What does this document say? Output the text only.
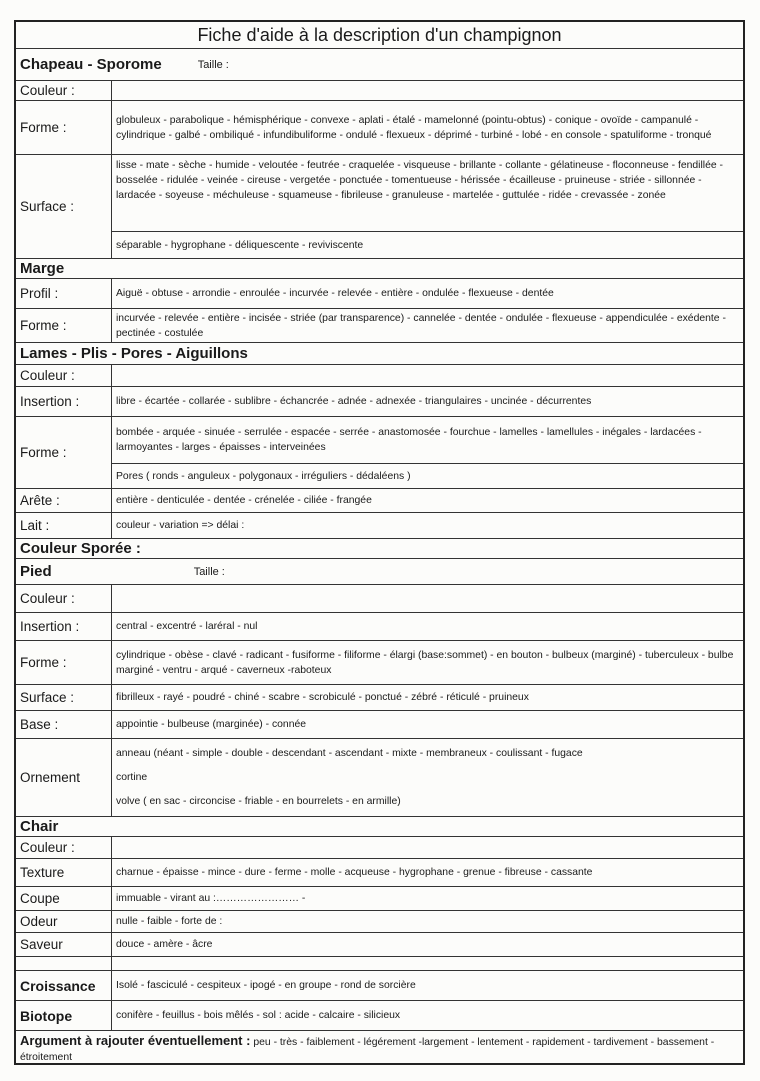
Fiche d'aide à la description d'un champignon
Chapeau - Sporome	Taille :
Couleur :
Forme :	globuleux - parabolique - hémisphérique - convexe - aplati - étalé - mamelonné (pointu-obtus) - conique - ovoïde - campanulé - cylindrique - galbé - ombiliqué - infundibuliforme - ondulé - flexueux - déprimé - turbiné - lobé - en console - spatuliforme - tronqué
Surface :
lisse - mate - sèche - humide - veloutée - feutrée - craquelée - visqueuse - brillante - collante - gélatineuse - floconneuse - fendillée - bosselée - ridulée - veinée - cireuse - vergetée - ponctuée - tomentueuse - hérissée - écailleuse - pruineuse - striée - sillonnée - lardacée - soyeuse - méchuleuse - squameuse - fibrileuse - granuleuse - martelée - guttulée - ridée - crevassée - zonée
séparable - hygrophane - déliquescente - reviviscente
Marge
Profil :	Aiguë - obtuse - arrondie - enroulée - incurvée - relevée - entière - ondulée - flexueuse - dentée
Forme :	incurvée - relevée - entière - incisée - striée (par transparence) - cannelée - dentée - ondulée - flexueuse - appendiculée - exédente - pectinée - costulée
Lames - Plis - Pores - Aiguillons
Couleur :
Insertion :	libre - écartée - collarée - sublibre - échancrée - adnée - adnexée - triangulaires - uncinée - décurrentes
Forme :
bombée - arquée - sinuée - serrulée - espacée - serrée - anastomosée - fourchue - lamelles - lamellules - inégales - lardacées - larmoyantes - larges - épaisses - interveinées
Pores ( ronds - anguleux - polygonaux - irréguliers - dédaléens )
Arête :	entière - denticulée - dentée - crénelée - ciliée - frangée
Lait :	couleur - variation => délai :
Couleur Sporée :
Pied	Taille :
Couleur :
Insertion :	central - excentré - laréral - nul
Forme :	cylindrique - obèse - clavé - radicant - fusiforme - filiforme - élargi (base:sommet) - en bouton - bulbeux (marginé) - tuberculeux - bulbe marginé - ventru - arqué - caverneux -raboteux
Surface :	fibrilleux - rayé - poudré - chiné - scabre - scrobiculé - ponctué - zébré - réticulé - pruineux
Base :	appointie - bulbeuse (marginée) - connée
Ornement
anneau (néant - simple - double - descendant - ascendant - mixte - membraneux - coulissant - fugace
cortine
volve ( en sac - circoncise - friable - en bourrelets - en armille)
Chair
Couleur :
Texture	charnue - épaisse - mince - dure - ferme - molle - acqueuse - hygrophane - grenue - fibreuse - cassante
Coupe	immuable - virant au :…………………… -
Odeur	nulle - faible - forte de :
Saveur	douce - amère - âcre
Croissance	Isolé - fasciculé - cespiteux - ipogé - en groupe - rond de sorcière
Biotope	conifère - feuillus - bois mêlés - sol : acide - calcaire - silicieux
Argument à rajouter éventuellement : peu - très - faiblement - légérement -largement - lentement - rapidement - tardivement - bassement - étroitement
